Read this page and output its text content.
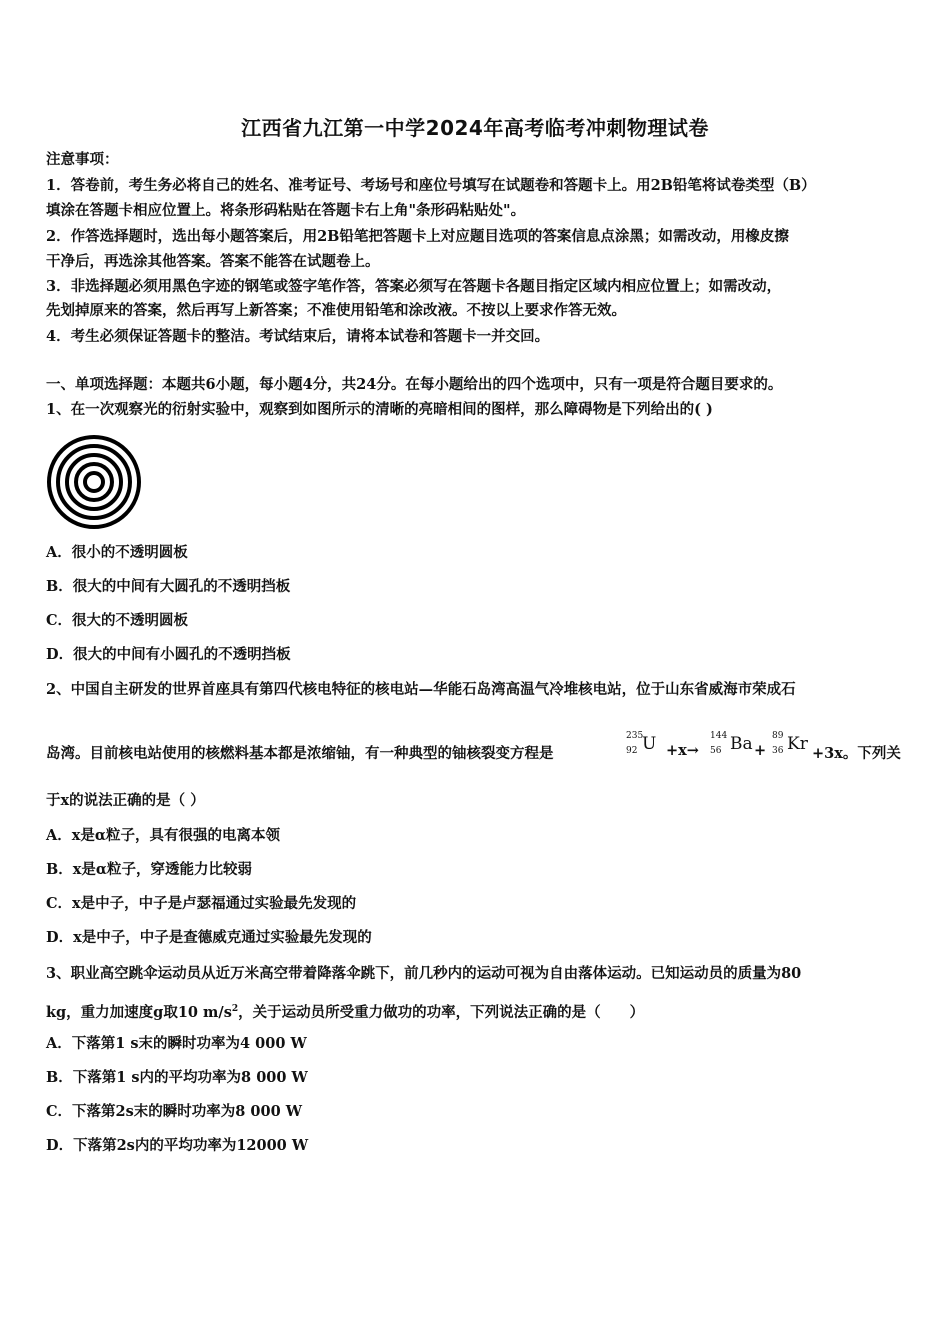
江西省九江第一中学2024年高考临考冲刺物理试卷
注意事项：
1．答卷前，考生务必将自己的姓名、准考证号、考场号和座位号填写在试题卷和答题卡上。用2B铅笔将试卷类型（B）
填涂在答题卡相应位置上。将条形码粘贴在答题卡右上角"条形码粘贴处"。
2．作答选择题时，选出每小题答案后，用2B铅笔把答题卡上对应题目选项的答案信息点涂黑；如需改动，用橡皮擦
干净后，再选涂其他答案。答案不能答在试题卷上。
3．非选择题必须用黑色字迹的钢笔或签字笔作答，答案必须写在答题卡各题目指定区域内相应位置上；如需改动，
先划掉原来的答案，然后再写上新答案；不准使用铅笔和涂改液。不按以上要求作答无效。
4．考生必须保证答题卡的整洁。考试结束后，请将本试卷和答题卡一并交回。
一、单项选择题：本题共6小题，每小题4分，共24分。在每小题给出的四个选项中，只有一项是符合题目要求的。
1、在一次观察光的衍射实验中，观察到如图所示的清晰的亮暗相间的图样，那么障碍物是下列给出的( )
A．很小的不透明圆板
B．很大的中间有大圆孔的不透明挡板
C．很大的不透明圆板
D．很大的中间有小圆孔的不透明挡板
2、中国自主研发的世界首座具有第四代核电特征的核电站—华能石岛湾高温气冷堆核电站，位于山东省威海市荣成石
岛湾。目前核电站使用的核燃料基本都是浓缩铀，有一种典型的铀核裂变方程是
235
92 U +x→
144
56 Ba +
89
36 Kr +3x。下列关
于x的说法正确的是（ ）
A．x是α粒子，具有很强的电离本领
B．x是α粒子，穿透能力比较弱
C．x是中子，中子是卢瑟福通过实验最先发现的
D．x是中子，中子是查德威克通过实验最先发现的
3、职业高空跳伞运动员从近万米高空带着降落伞跳下，前几秒内的运动可视为自由落体运动。已知运动员的质量为80
kg，重力加速度g取10 $m/s^2$，关于运动员所受重力做功的功率，下列说法正确的是（　　）
A．下落第1 s末的瞬时功率为4 000 W
B．下落第1 s内的平均功率为8 000 W
C．下落第2s末的瞬时功率为8 000 W
D．下落第2s内的平均功率为12000 W
